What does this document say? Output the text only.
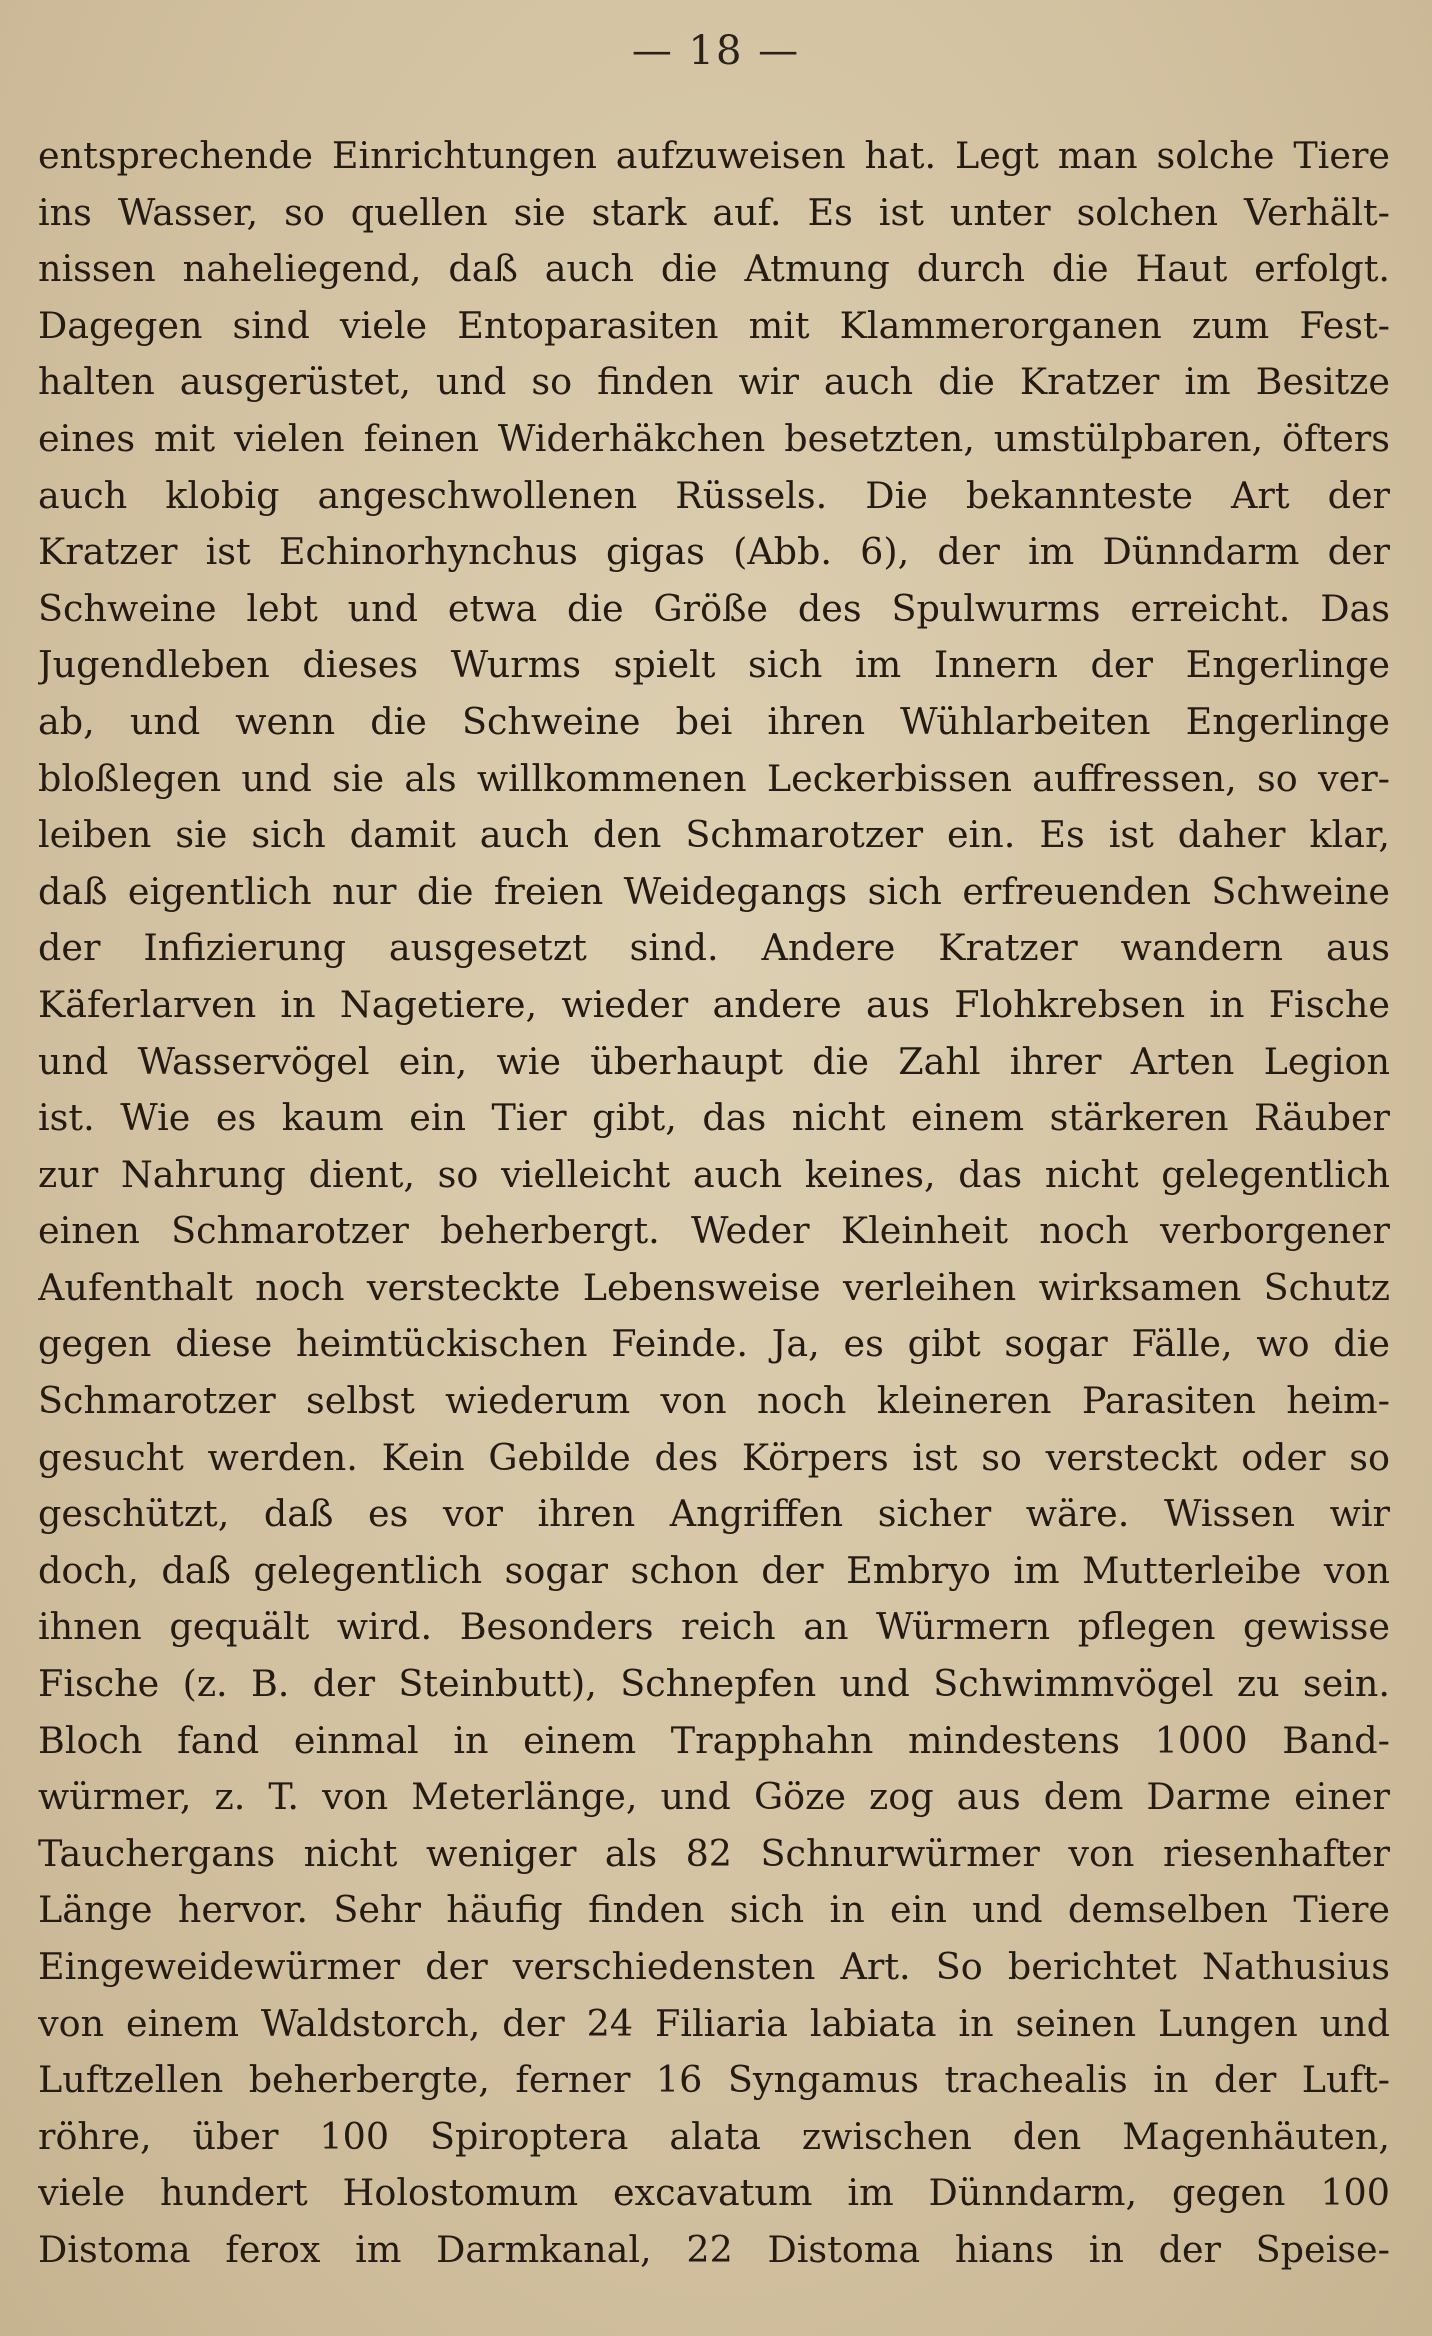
— 18 —
entsprechende Einrichtungen aufzuweisen hat. Legt man solche Tiere
ins Wasser, so quellen sie stark auf. Es ist unter solchen Verhält-
nissen naheliegend, daß auch die Atmung durch die Haut erfolgt.
Dagegen sind viele Entoparasiten mit Klammerorganen zum Fest-
halten ausgerüstet, und so finden wir auch die Kratzer im Besitze
eines mit vielen feinen Widerhäkchen besetzten, umstülpbaren, öfters
auch klobig angeschwollenen Rüssels. Die bekannteste Art der
Kratzer ist Echinorhynchus gigas (Abb. 6), der im Dünndarm der
Schweine lebt und etwa die Größe des Spulwurms erreicht. Das
Jugendleben dieses Wurms spielt sich im Innern der Engerlinge
ab, und wenn die Schweine bei ihren Wühlarbeiten Engerlinge
bloßlegen und sie als willkommenen Leckerbissen auffressen, so ver-
leiben sie sich damit auch den Schmarotzer ein. Es ist daher klar,
daß eigentlich nur die freien Weidegangs sich erfreuenden Schweine
der Infizierung ausgesetzt sind. Andere Kratzer wandern aus
Käferlarven in Nagetiere, wieder andere aus Flohkrebsen in Fische
und Wasservögel ein, wie überhaupt die Zahl ihrer Arten Legion
ist. Wie es kaum ein Tier gibt, das nicht einem stärkeren Räuber
zur Nahrung dient, so vielleicht auch keines, das nicht gelegentlich
einen Schmarotzer beherbergt. Weder Kleinheit noch verborgener
Aufenthalt noch versteckte Lebensweise verleihen wirksamen Schutz
gegen diese heimtückischen Feinde. Ja, es gibt sogar Fälle, wo die
Schmarotzer selbst wiederum von noch kleineren Parasiten heim-
gesucht werden. Kein Gebilde des Körpers ist so versteckt oder so
geschützt, daß es vor ihren Angriffen sicher wäre. Wissen wir
doch, daß gelegentlich sogar schon der Embryo im Mutterleibe von
ihnen gequält wird. Besonders reich an Würmern pflegen gewisse
Fische (z. B. der Steinbutt), Schnepfen und Schwimmvögel zu sein.
Bloch fand einmal in einem Trapphahn mindestens 1000 Band-
würmer, z. T. von Meterlänge, und Göze zog aus dem Darme einer
Tauchergans nicht weniger als 82 Schnurwürmer von riesenhafter
Länge hervor. Sehr häufig finden sich in ein und demselben Tiere
Eingeweidewürmer der verschiedensten Art. So berichtet Nathusius
von einem Waldstorch, der 24 Filiaria labiata in seinen Lungen und
Luftzellen beherbergte, ferner 16 Syngamus trachealis in der Luft-
röhre, über 100 Spiroptera alata zwischen den Magenhäuten,
viele hundert Holostomum excavatum im Dünndarm, gegen 100
Distoma ferox im Darmkanal, 22 Distoma hians in der Speise-
